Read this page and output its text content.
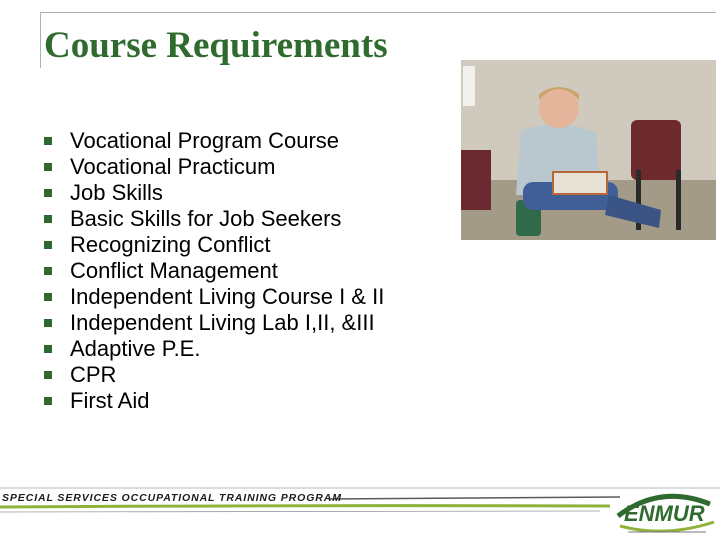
Course Requirements
Vocational Program Course
Vocational Practicum
Job Skills
Basic Skills for Job Seekers
Recognizing Conflict
Conflict Management
Independent Living Course I & II
Independent Living Lab I,II, &III
Adaptive P.E.
CPR
First Aid
SPECIAL SERVICES OCCUPATIONAL TRAINING PROGRAM
ENMUR
